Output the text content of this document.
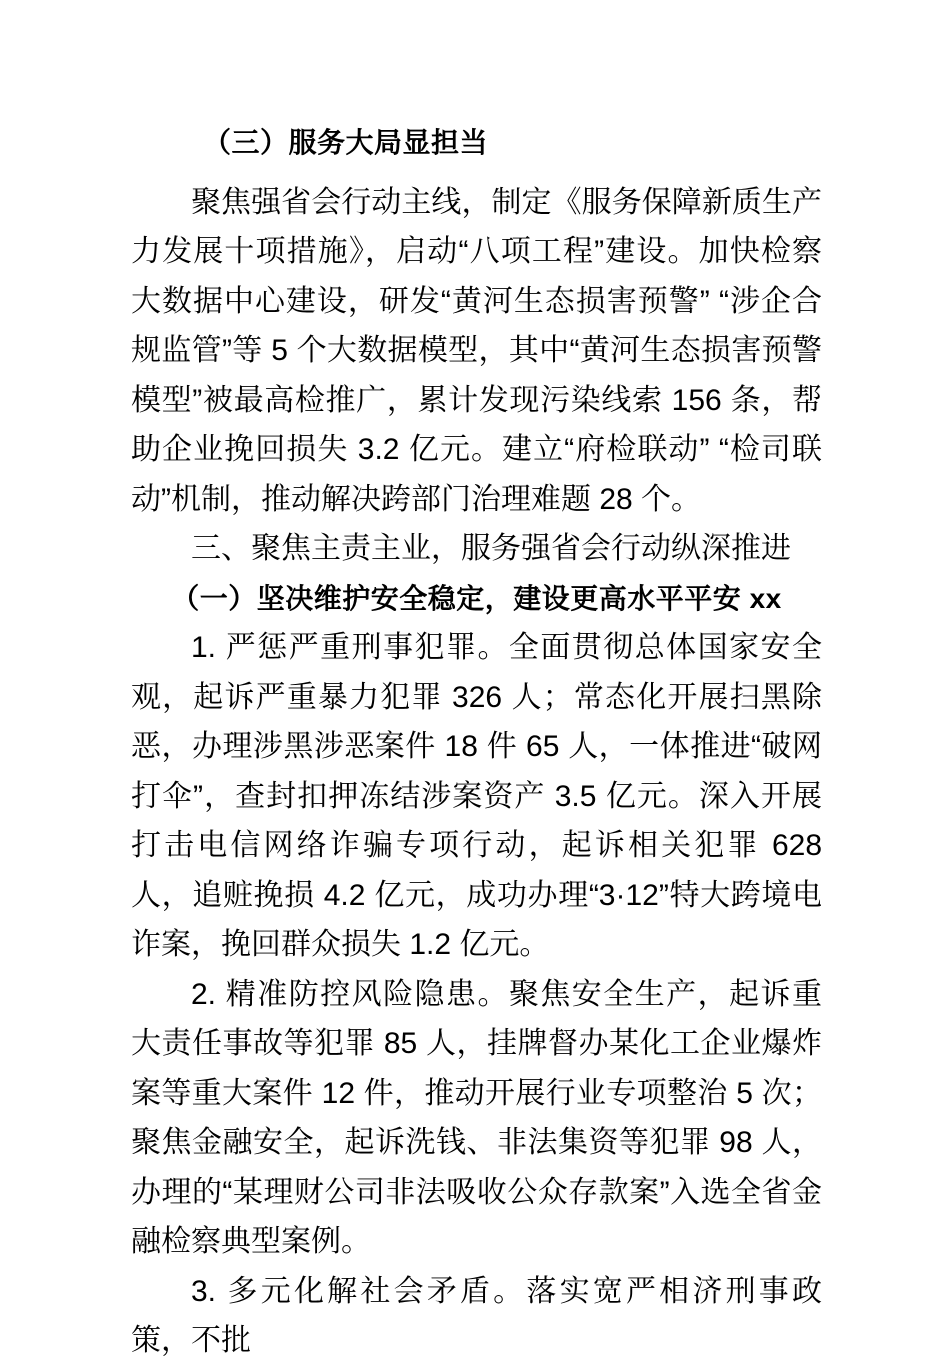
（三）服务大局显担当

聚焦强省会行动主线，制定《服务保障新质生产力发展十项措施》，启动“八项工程”建设。加快检察大数据中心建设，研发“黄河生态损害预警” “涉企合规监管”等 5 个大数据模型，其中“黄河生态损害预警模型”被最高检推广，累计发现污染线索 156 条，帮助企业挽回损失 3.2 亿元。建立“府检联动” “检司联动”机制，推动解决跨部门治理难题 28 个。

三、聚焦主责主业，服务强省会行动纵深推进

（一）坚决维护安全稳定，建设更高水平平安 xx

1. 严惩严重刑事犯罪。全面贯彻总体国家安全观，起诉严重暴力犯罪 326 人；常态化开展扫黑除恶，办理涉黑涉恶案件 18 件 65 人，一体推进“破网打伞”，查封扣押冻结涉案资产 3.5 亿元。深入开展打击电信网络诈骗专项行动，起诉相关犯罪 628 人，追赃挽损 4.2 亿元，成功办理“3·12”特大跨境电诈案，挽回群众损失 1.2 亿元。

2. 精准防控风险隐患。聚焦安全生产，起诉重大责任事故等犯罪 85 人，挂牌督办某化工企业爆炸案等重大案件 12 件，推动开展行业专项整治 5 次；聚焦金融安全，起诉洗钱、非法集资等犯罪 98 人，办理的“某理财公司非法吸收公众存款案”入选全省金融检察典型案例。

3. 多元化解社会矛盾。落实宽严相济刑事政策，不批
